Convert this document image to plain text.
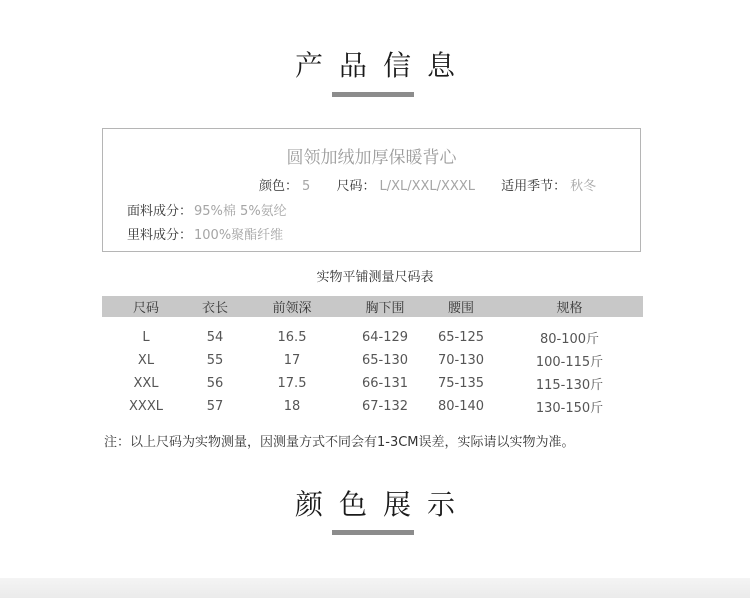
产品信息
圆领加绒加厚保暖背心
颜色： 5 尺码： L/XL/XXL/XXXL 适用季节： 秋冬
面料成分： 95%棉 5%氨纶
里料成分： 100%聚酯纤维
实物平铺测量尺码表
尺码	衣长	前领深	胸下围	腰围	规格
L	54	16.5	64-129	65-125	80-100斤
XL	55	17	65-130	70-130	100-115斤
XXL	56	17.5	66-131	75-135	115-130斤
XXXL	57	18	67-132	80-140	130-150斤
注：以上尺码为实物测量，因测量方式不同会有1-3CM误差，实际请以实物为准。
颜色展示
